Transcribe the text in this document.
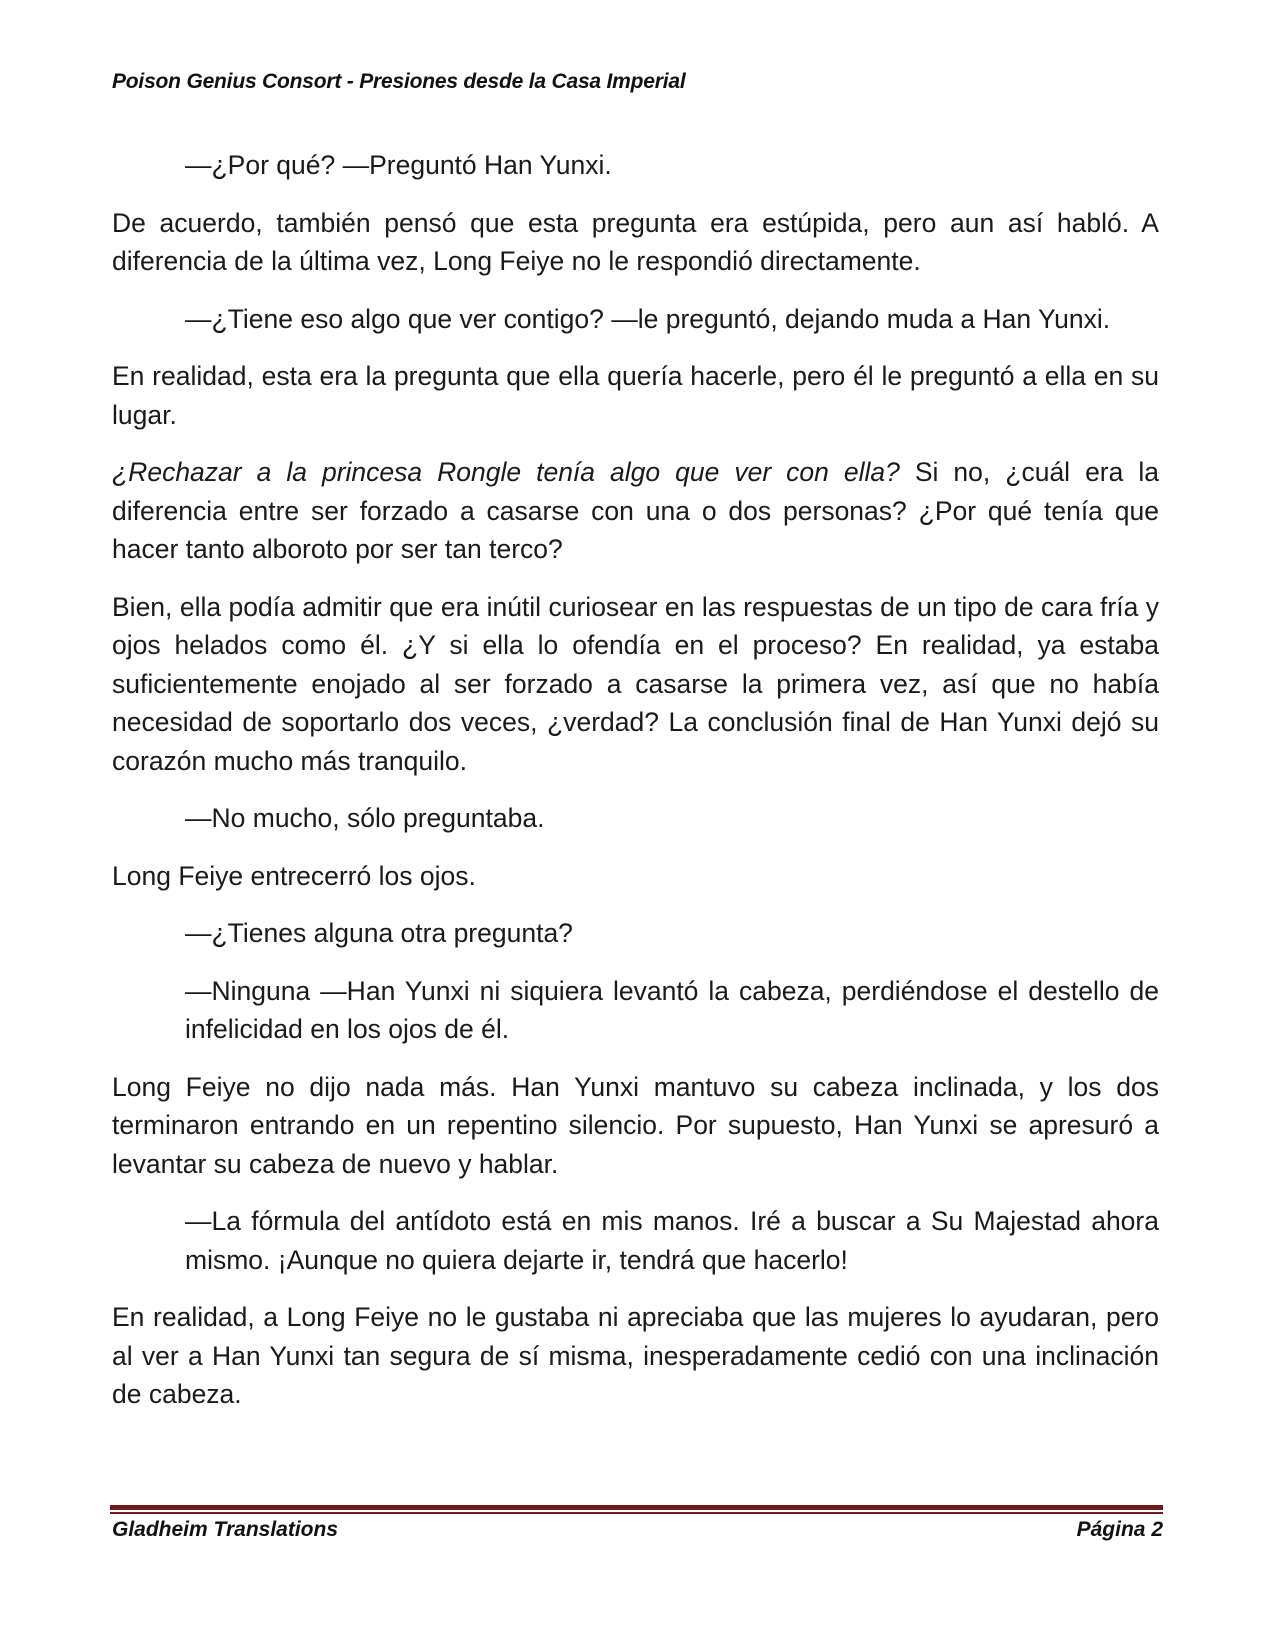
Poison Genius Consort - Presiones desde la Casa Imperial

—¿Por qué? —Preguntó Han Yunxi.

De acuerdo, también pensó que esta pregunta era estúpida, pero aun así habló. A diferencia de la última vez, Long Feiye no le respondió directamente.

—¿Tiene eso algo que ver contigo? —le preguntó, dejando muda a Han Yunxi.

En realidad, esta era la pregunta que ella quería hacerle, pero él le preguntó a ella en su lugar.

¿Rechazar a la princesa Rongle tenía algo que ver con ella? Si no, ¿cuál era la diferencia entre ser forzado a casarse con una o dos personas? ¿Por qué tenía que hacer tanto alboroto por ser tan terco?

Bien, ella podía admitir que era inútil curiosear en las respuestas de un tipo de cara fría y ojos helados como él. ¿Y si ella lo ofendía en el proceso? En realidad, ya estaba suficientemente enojado al ser forzado a casarse la primera vez, así que no había necesidad de soportarlo dos veces, ¿verdad? La conclusión final de Han Yunxi dejó su corazón mucho más tranquilo.

—No mucho, sólo preguntaba.

Long Feiye entrecerró los ojos.

—¿Tienes alguna otra pregunta?

—Ninguna —Han Yunxi ni siquiera levantó la cabeza, perdiéndose el destello de infelicidad en los ojos de él.

Long Feiye no dijo nada más. Han Yunxi mantuvo su cabeza inclinada, y los dos terminaron entrando en un repentino silencio. Por supuesto, Han Yunxi se apresuró a levantar su cabeza de nuevo y hablar.

—La fórmula del antídoto está en mis manos. Iré a buscar a Su Majestad ahora mismo. ¡Aunque no quiera dejarte ir, tendrá que hacerlo!

En realidad, a Long Feiye no le gustaba ni apreciaba que las mujeres lo ayudaran, pero al ver a Han Yunxi tan segura de sí misma, inesperadamente cedió con una inclinación de cabeza.

Gladheim Translations	Página 2
